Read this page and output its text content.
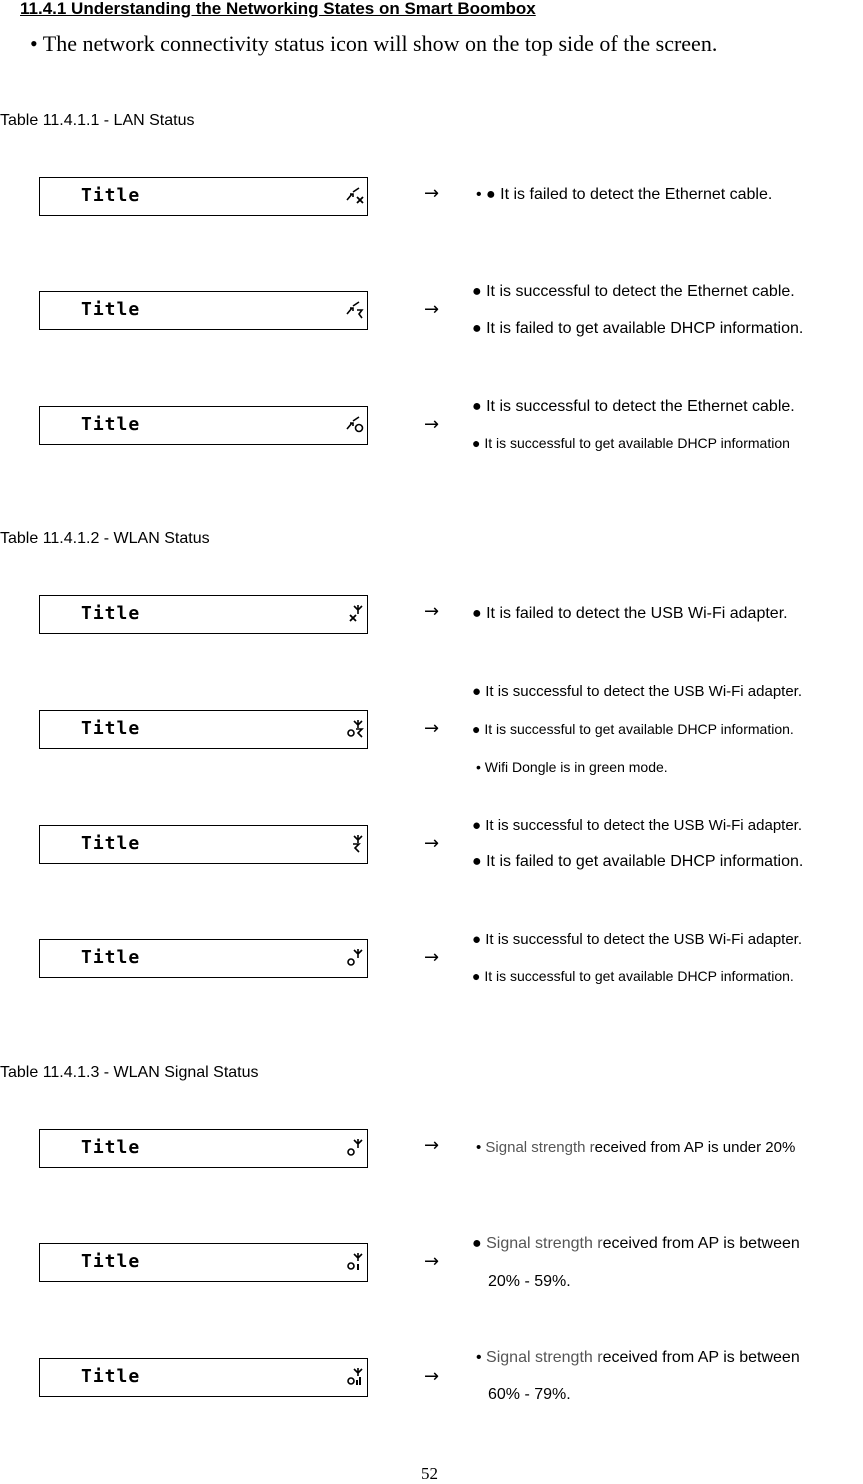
11.4.1 Understanding the Networking States on Smart Boombox
• The network connectivity status icon will show on the top side of the screen.
Table 11.4.1.1 - LAN Status
Title	→ • ● It is failed to detect the Ethernet cable.
Title	→
● It is successful to detect the Ethernet cable.
● It is failed to get available DHCP information.
Title	→
● It is successful to detect the Ethernet cable.
● It is successful to get available DHCP information
Table 11.4.1.2 - WLAN Status
Title	→ ● It is failed to detect the USB Wi-Fi adapter.
Title	→
● It is successful to detect the USB Wi-Fi adapter.
● It is successful to get available DHCP information.
• Wifi Dongle is in green mode.
Title	→
● It is successful to detect the USB Wi-Fi adapter.
● It is failed to get available DHCP information.
Title	→
● It is successful to detect the USB Wi-Fi adapter.
● It is successful to get available DHCP information.
Table 11.4.1.3 - WLAN Signal Status
Title	→ • Signal strength received from AP is under 20%
Title	→
● Signal strength received from AP is between
20% - 59%.
Title	→
• Signal strength received from AP is between
60% - 79%.
52
